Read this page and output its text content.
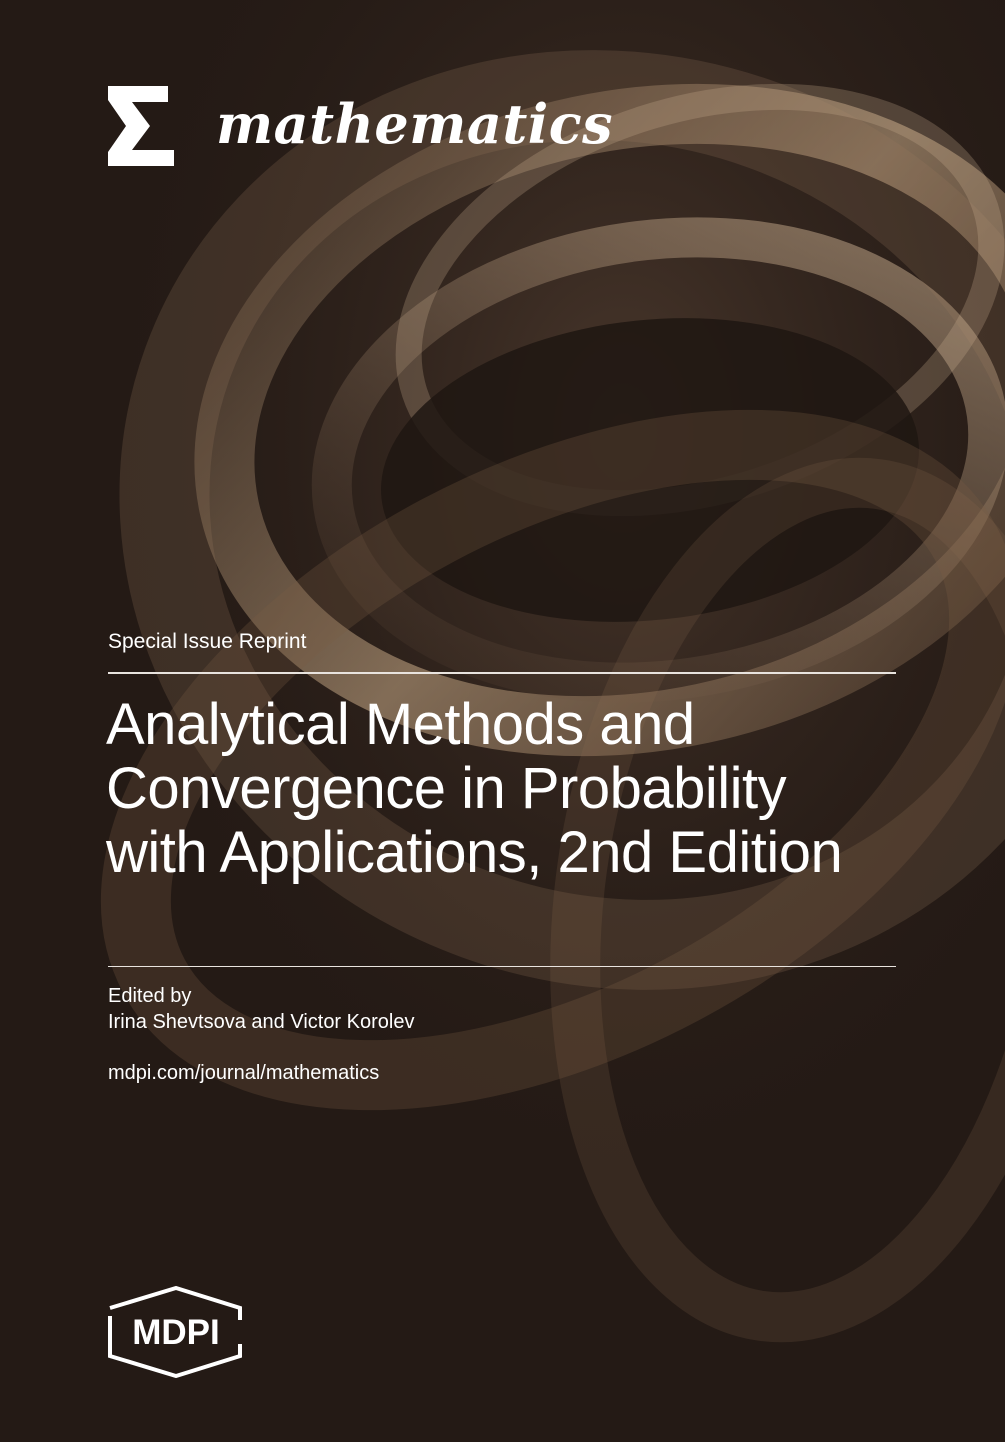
mathematics
Special Issue Reprint
Analytical Methods and
Convergence in Probability
with Applications, 2nd Edition
Edited by
Irina Shevtsova and Victor Korolev
mdpi.com/journal/mathematics
MDPI
